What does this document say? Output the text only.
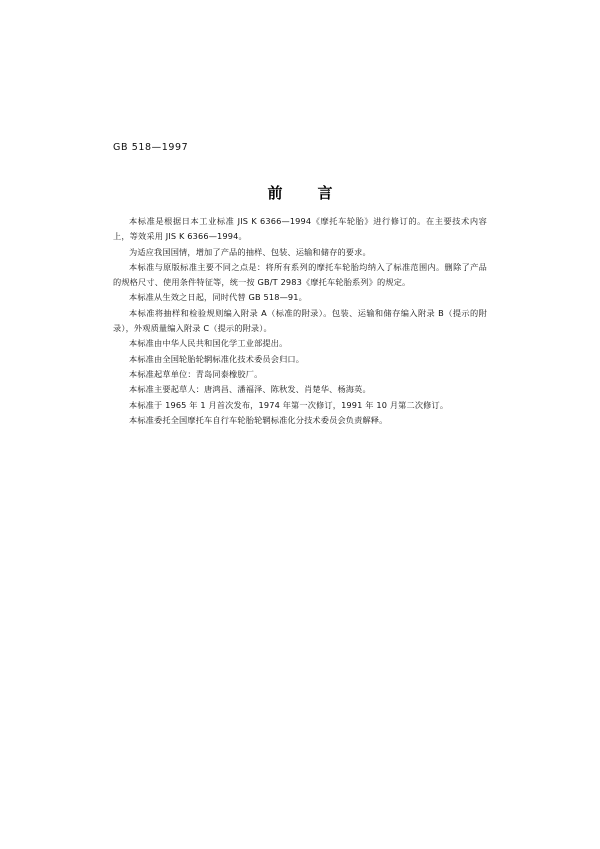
GB 518—1997
前　言

本标准是根据日本工业标准 JIS K 6366—1994《摩托车轮胎》进行修订的。在主要技术内容上，等效采用 JIS K 6366—1994。

为适应我国国情，增加了产品的抽样、包装、运输和储存的要求。

本标准与原版标准主要不同之点是：将所有系列的摩托车轮胎均纳入了标准范围内。删除了产品的规格尺寸、使用条件特征等，统一按 GB/T 2983《摩托车轮胎系列》的规定。

本标准从生效之日起，同时代替 GB 518—91。

本标准将抽样和检验规则编入附录 A（标准的附录）。包装、运输和储存编入附录 B（提示的附录），外观质量编入附录 C（提示的附录）。

本标准由中华人民共和国化学工业部提出。

本标准由全国轮胎轮辋标准化技术委员会归口。

本标准起草单位：青岛同泰橡胶厂。

本标准主要起草人：唐鸿昌、潘福泽、陈秋发、肖楚华、杨海英。

本标准于 1965 年 1 月首次发布，1974 年第一次修订，1991 年 10 月第二次修订。

本标准委托全国摩托车自行车轮胎轮辋标准化分技术委员会负责解释。
